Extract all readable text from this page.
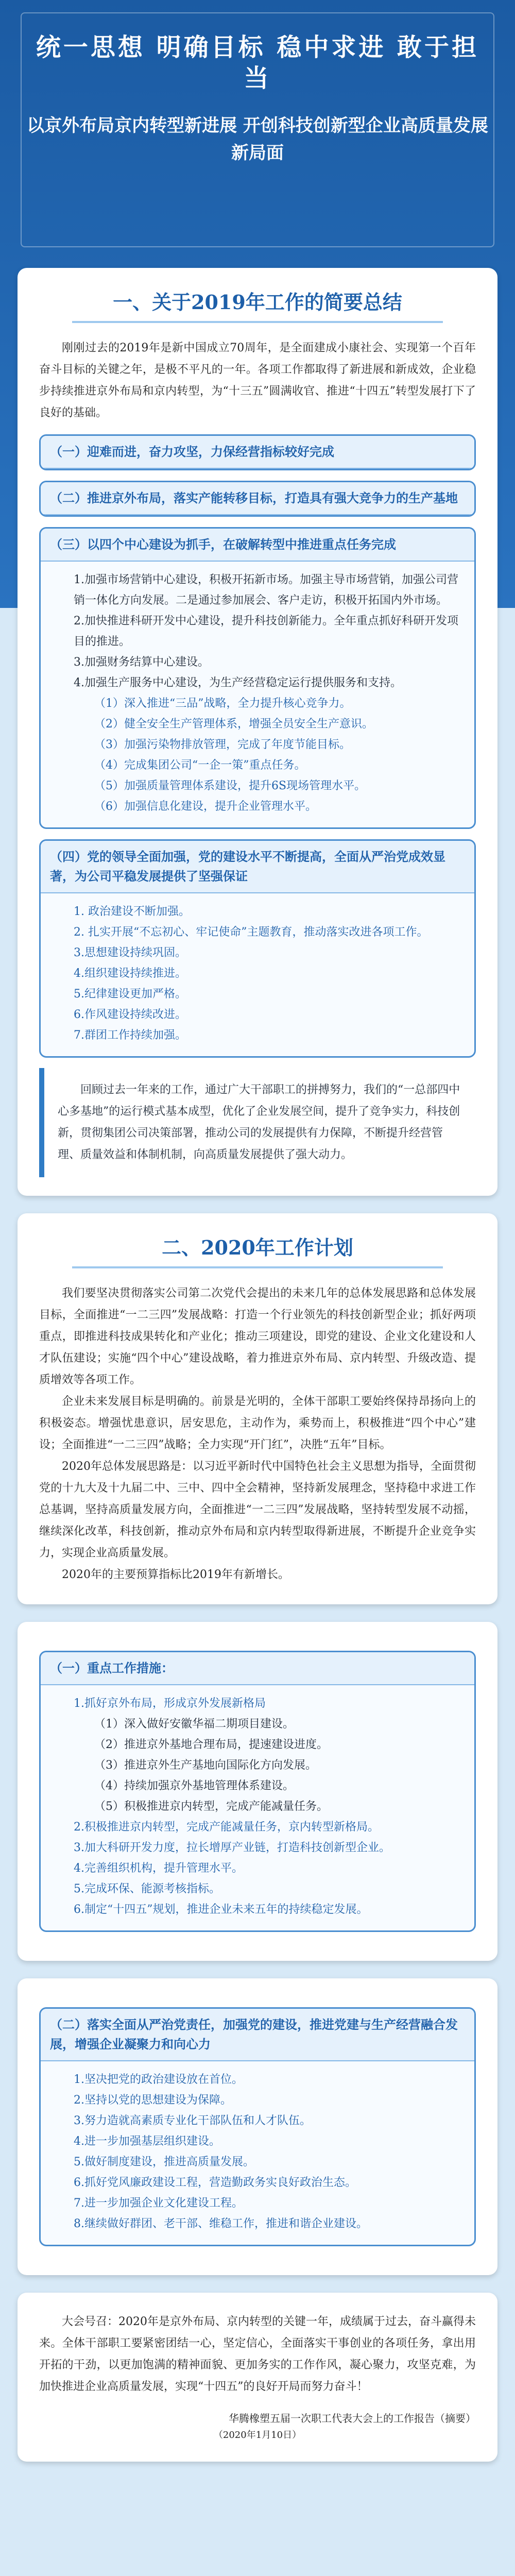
统一思想 明确目标 稳中求进 敢于担当
以京外布局京内转型新进展 开创科技创新型企业高质量发展新局面
一、关于2019年工作的简要总结

刚刚过去的2019年是新中国成立70周年，是全面建成小康社会、实现第一个百年奋斗目标的关键之年，是极不平凡的一年。各项工作都取得了新进展和新成效，企业稳步持续推进京外布局和京内转型，为“十三五”圆满收官、推进“十四五”转型发展打下了良好的基础。

（一）迎难而进，奋力攻坚，力保经营指标较好完成
（二）推进京外布局，落实产能转移目标，打造具有强大竞争力的生产基地
（三）以四个中心建设为抓手，在破解转型中推进重点任务完成
1.加强市场营销中心建设，积极开拓新市场。加强主导市场营销，加强公司营销一体化方向发展。二是通过参加展会、客户走访，积极开拓国内外市场。
2.加快推进科研开发中心建设，提升科技创新能力。全年重点抓好科研开发项目的推进。
3.加强财务结算中心建设。
4.加强生产服务中心建设，为生产经营稳定运行提供服务和支持。
（1）深入推进“三品”战略，全力提升核心竞争力。
（2）健全安全生产管理体系，增强全员安全生产意识。
（3）加强污染物排放管理，完成了年度节能目标。
（4）完成集团公司“一企一策”重点任务。
（5）加强质量管理体系建设，提升6S现场管理水平。
（6）加强信息化建设，提升企业管理水平。
（四）党的领导全面加强，党的建设水平不断提高，全面从严治党成效显著，为公司平稳发展提供了坚强保证
1. 政治建设不断加强。
2. 扎实开展“不忘初心、牢记使命”主题教育，推动落实改进各项工作。
3.思想建设持续巩固。
4.组织建设持续推进。
5.纪律建设更加严格。
6.作风建设持续改进。
7.群团工作持续加强。
回顾过去一年来的工作，通过广大干部职工的拼搏努力，我们的“一总部四中心多基地”的运行模式基本成型，优化了企业发展空间，提升了竞争实力，科技创新，贯彻集团公司决策部署，推动公司的发展提供有力保障，不断提升经营管理、质量效益和体制机制，向高质量发展提供了强大动力。
二、2020年工作计划

我们要坚决贯彻落实公司第二次党代会提出的未来几年的总体发展思路和总体发展目标，全面推进“一二三四”发展战略：打造一个行业领先的科技创新型企业；抓好两项重点，即推进科技成果转化和产业化；推动三项建设，即党的建设、企业文化建设和人才队伍建设；实施“四个中心”建设战略，着力推进京外布局、京内转型、升级改造、提质增效等各项工作。

企业未来发展目标是明确的。前景是光明的，全体干部职工要始终保持昂扬向上的积极姿态。增强忧患意识，居安思危，主动作为，乘势而上，积极推进“四个中心”建设；全面推进“一二三四”战略；全力实现“开门红”，决胜“五年”目标。

2020年总体发展思路是：以习近平新时代中国特色社会主义思想为指导，全面贯彻党的十九大及十九届二中、三中、四中全会精神，坚持新发展理念，坚持稳中求进工作总基调，坚持高质量发展方向，全面推进“一二三四”发展战略，坚持转型发展不动摇，继续深化改革，科技创新，推动京外布局和京内转型取得新进展，不断提升企业竞争实力，实现企业高质量发展。

2020年的主要预算指标比2019年有新增长。

（一）重点工作措施：
1.抓好京外布局，形成京外发展新格局
（1）深入做好安徽华福二期项目建设。
（2）推进京外基地合理布局，提速建设进度。
（3）推进京外生产基地向国际化方向发展。
（4）持续加强京外基地管理体系建设。
（5）积极推进京内转型，完成产能减量任务。
2.积极推进京内转型，完成产能减量任务，京内转型新格局。
3.加大科研开发力度，拉长增厚产业链，打造科技创新型企业。
4.完善组织机构，提升管理水平。
5.完成环保、能源考核指标。
6.制定“十四五”规划，推进企业未来五年的持续稳定发展。
（二）落实全面从严治党责任，加强党的建设，推进党建与生产经营融合发展，增强企业凝聚力和向心力
1.坚决把党的政治建设放在首位。
2.坚持以党的思想建设为保障。
3.努力造就高素质专业化干部队伍和人才队伍。
4.进一步加强基层组织建设。
5.做好制度建设，推进高质量发展。
6.抓好党风廉政建设工程，营造勤政务实良好政治生态。
7.进一步加强企业文化建设工程。
8.继续做好群团、老干部、维稳工作，推进和谐企业建设。

大会号召：2020年是京外布局、京内转型的关键一年，成绩属于过去，奋斗赢得未来。全体干部职工要紧密团结一心，坚定信心，全面落实干事创业的各项任务，拿出用开拓的干劲，以更加饱满的精神面貌、更加务实的工作作风，凝心聚力，攻坚克难，为加快推进企业高质量发展，实现“十四五”的良好开局而努力奋斗！

华腾橡塑五届一次职工代表大会上的工作报告（摘要）
（2020年1月10日）
